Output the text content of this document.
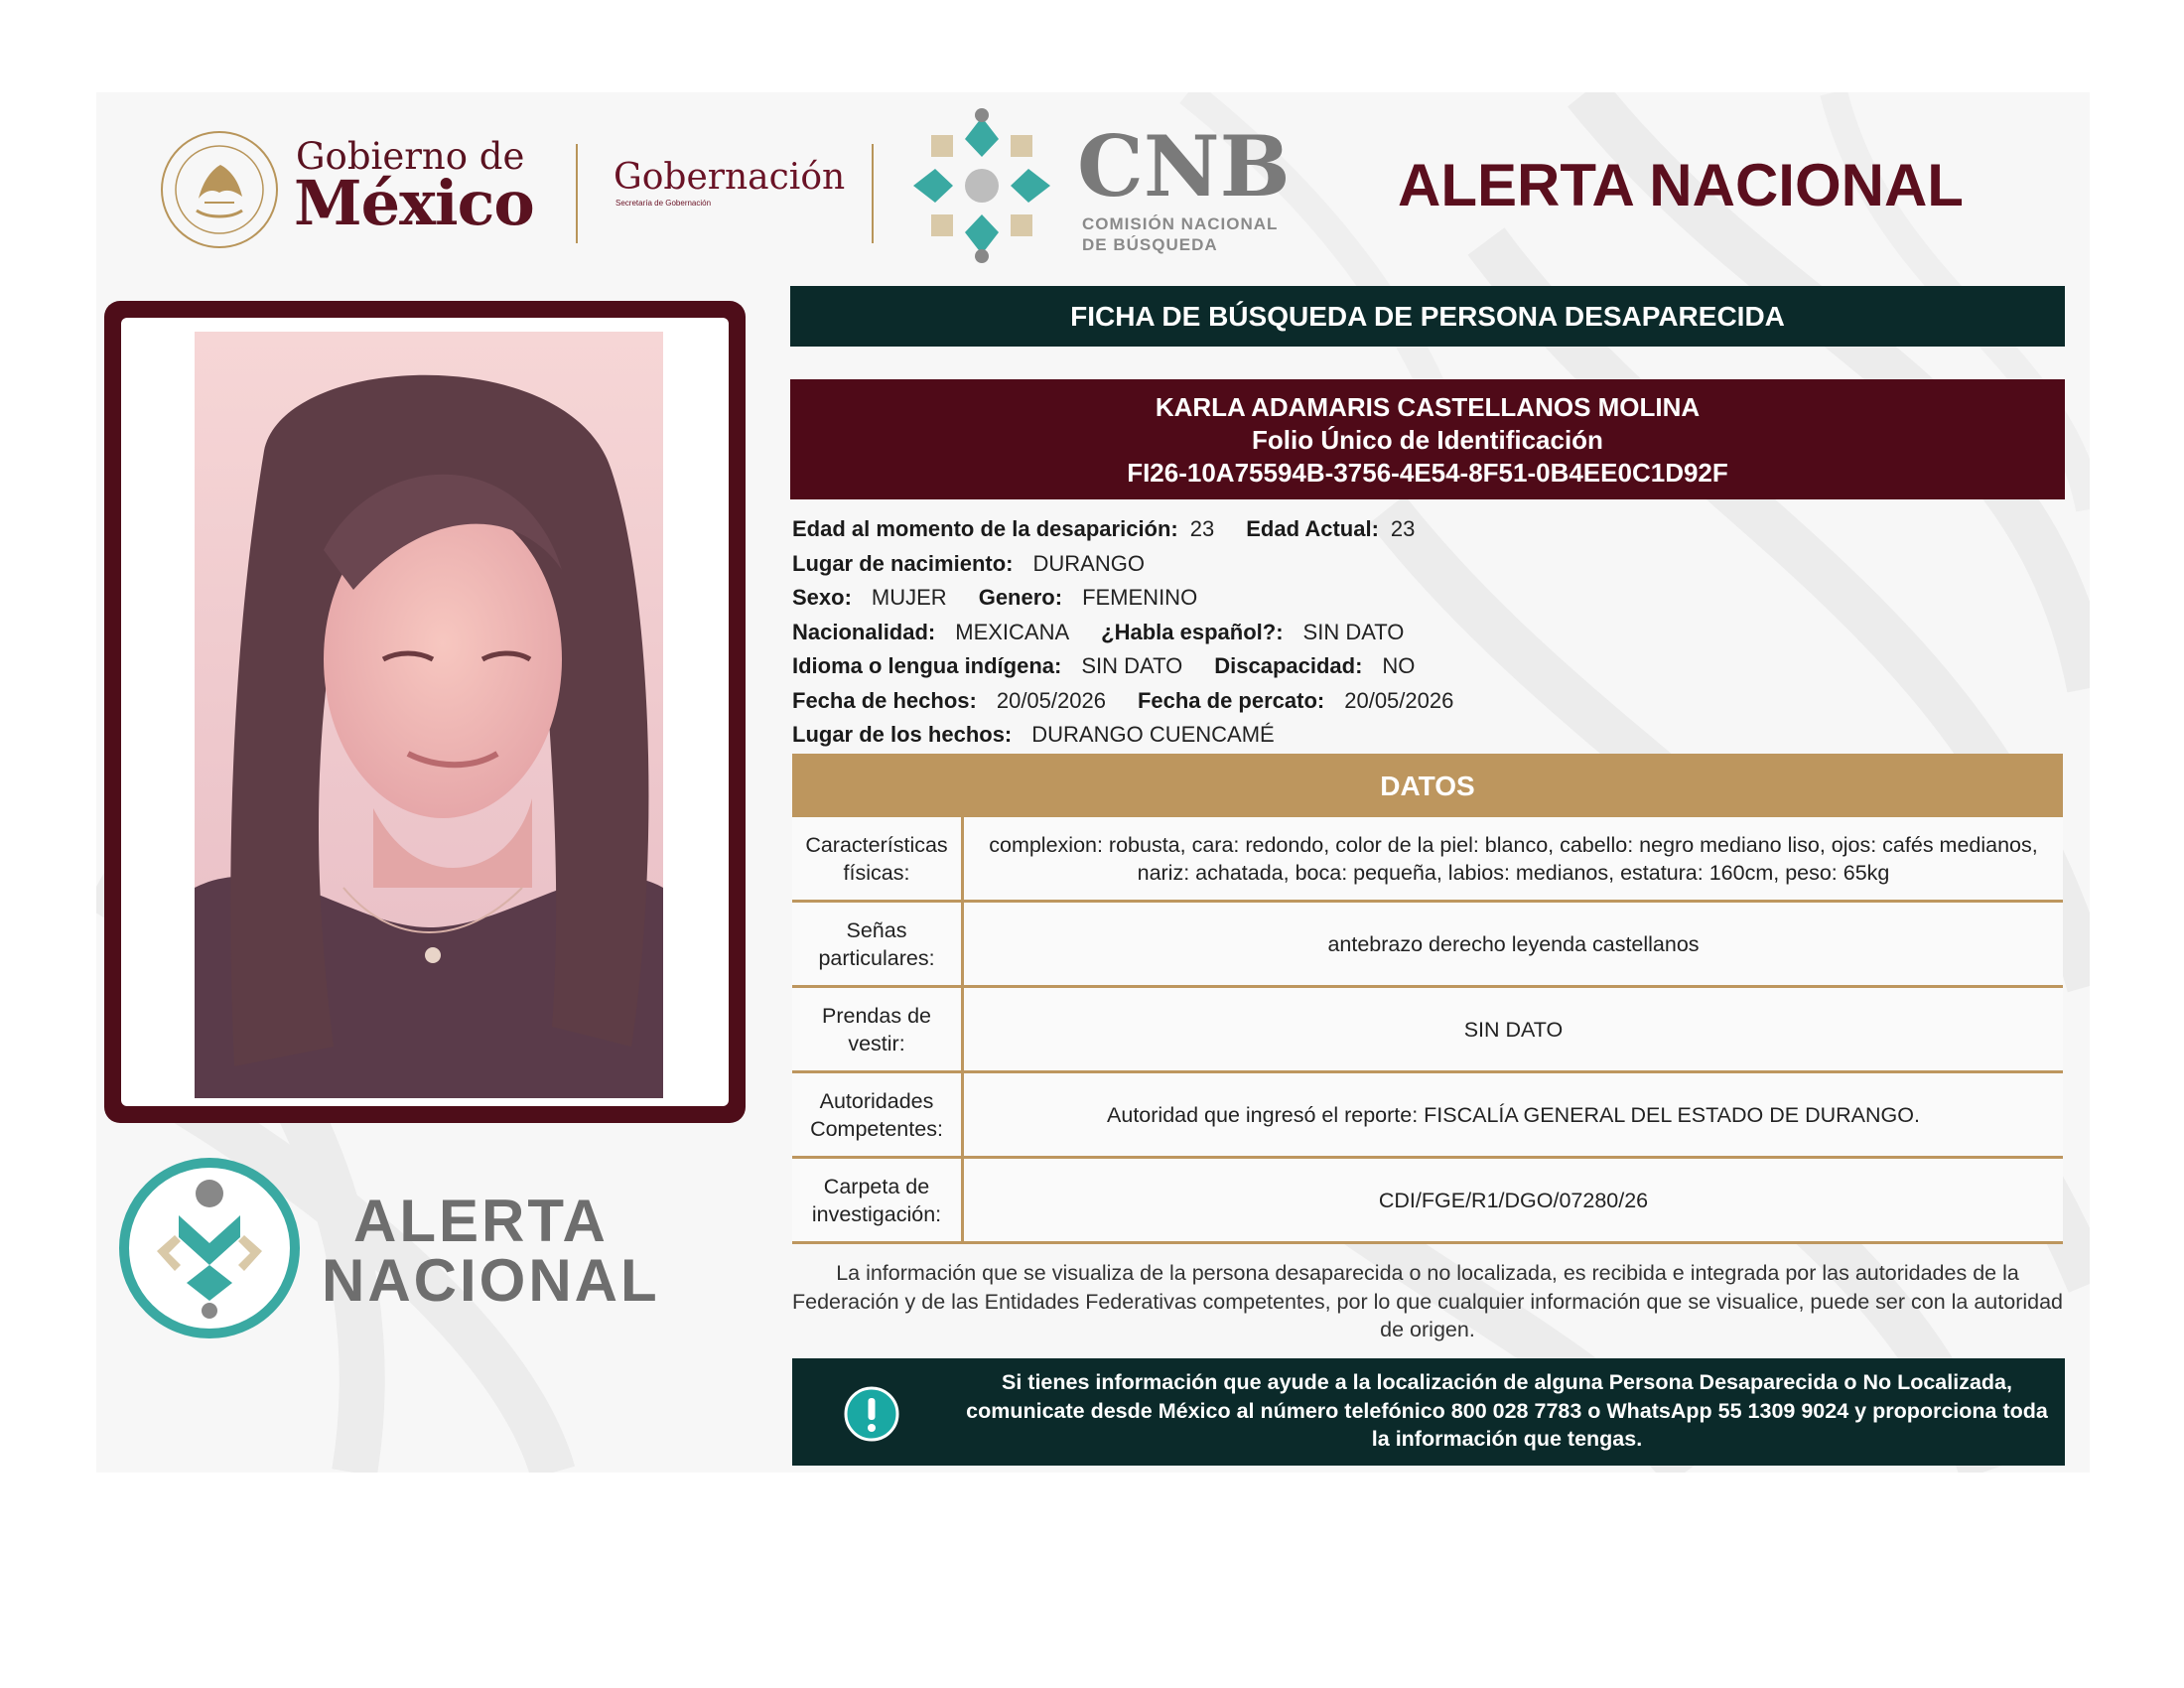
Gobierno de
México Gobernación
Secretaría de Gobernación	CNB
COMISIÓN NACIONAL
DE BÚSQUEDA
ALERTA NACIONAL
ALERTA
NACIONAL
FICHA DE BÚSQUEDA DE PERSONA DESAPARECIDA
KARLA ADAMARIS CASTELLANOS MOLINA
Folio Único de Identificación
FI26-10A75594B-3756-4E54-8F51-0B4EE0C1D92F
Edad al momento de la desaparición: 23 Edad Actual: 23
Lugar de nacimiento: DURANGO
Sexo: MUJER Genero: FEMENINO
Nacionalidad: MEXICANA ¿Habla español?: SIN DATO
Idioma o lengua indígena: SIN DATO Discapacidad: NO
Fecha de hechos: 20/05/2026 Fecha de percato: 20/05/2026
Lugar de los hechos: DURANGO CUENCAMÉ
DATOS
Características
físicas:
complexion: robusta, cara: redondo, color de la piel: blanco, cabello: negro mediano liso, ojos: cafés medianos, nariz: achatada, boca: pequeña, labios: medianos, estatura: 160cm, peso: 65kg
Señas
particulares:
antebrazo derecho leyenda castellanos
Prendas de
vestir:
SIN DATO
Autoridades
Competentes:
Autoridad que ingresó el reporte: FISCALÍA GENERAL DEL ESTADO DE DURANGO.
Carpeta de
investigación:
CDI/FGE/R1/DGO/07280/26
La información que se visualiza de la persona desaparecida o no localizada, es recibida e integrada por las autoridades de la Federación y de las Entidades Federativas competentes, por lo que cualquier información que se visualice, puede ser con la autoridad de origen.
Si tienes información que ayude a la localización de alguna Persona Desaparecida o No Localizada, comunicate desde México al número telefónico 800 028 7783 o WhatsApp 55 1309 9024 y proporciona toda la información que tengas.
